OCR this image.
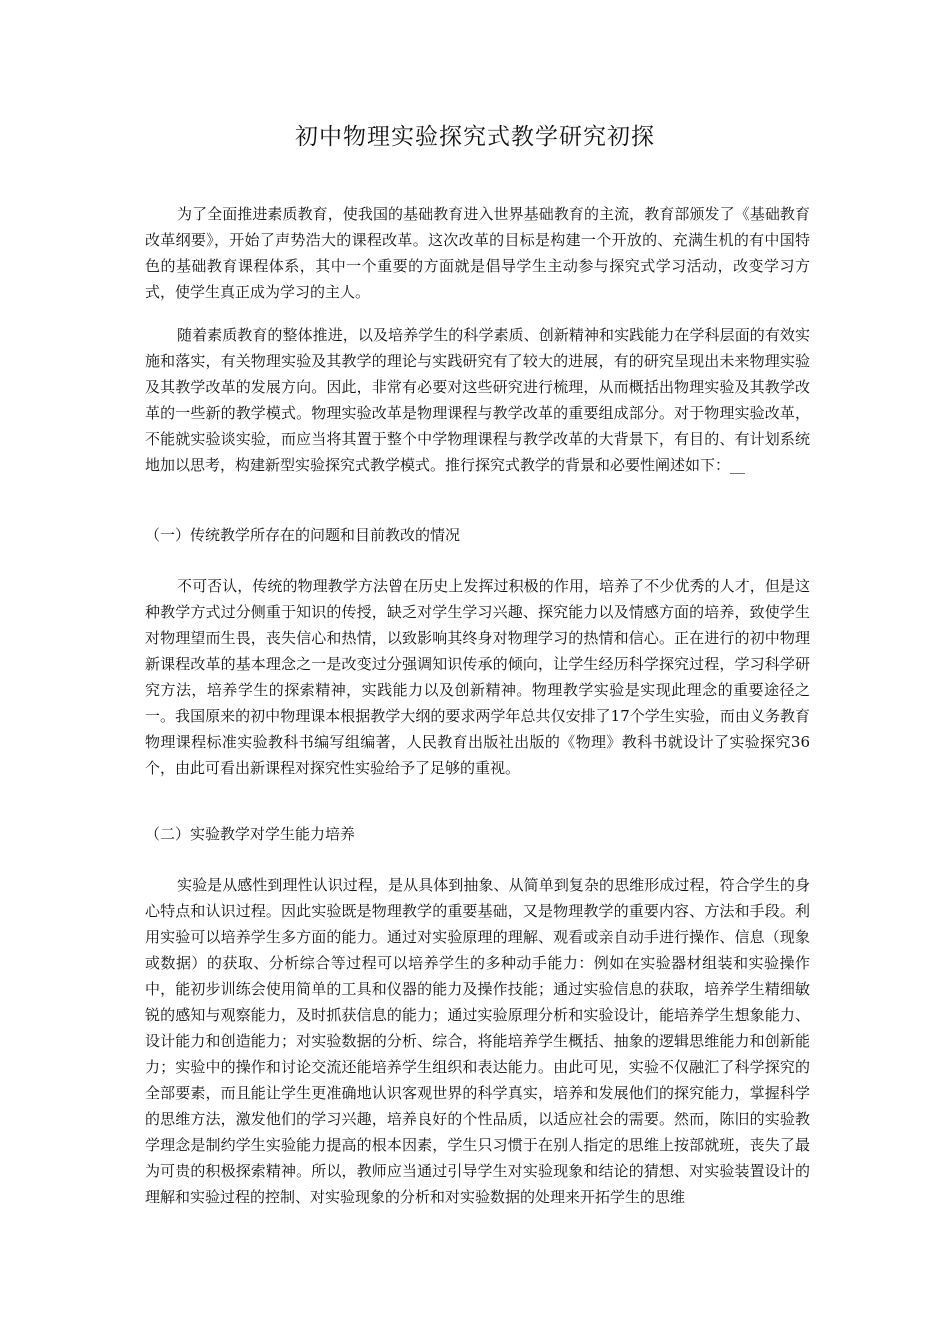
初中物理实验探究式教学研究初探

为了全面推进素质教育，使我国的基础教育进入世界基础教育的主流，教育部颁发了《基础教育改革纲要》，开始了声势浩大的课程改革。这次改革的目标是构建一个开放的、充满生机的有中国特色的基础教育课程体系，其中一个重要的方面就是倡导学生主动参与探究式学习活动，改变学习方式，使学生真正成为学习的主人。

随着素质教育的整体推进，以及培养学生的科学素质、创新精神和实践能力在学科层面的有效实施和落实，有关物理实验及其教学的理论与实践研究有了较大的进展，有的研究呈现出未来物理实验及其教学改革的发展方向。因此，非常有必要对这些研究进行梳理，从而概括出物理实验及其教学改革的一些新的教学模式。物理实验改革是物理课程与教学改革的重要组成部分。对于物理实验改革，不能就实验谈实验，而应当将其置于整个中学物理课程与教学改革的大背景下，有目的、有计划系统地加以思考，构建新型实验探究式教学模式。推行探究式教学的背景和必要性阐述如下：__

（一）传统教学所存在的问题和目前教改的情况

不可否认，传统的物理教学方法曾在历史上发挥过积极的作用，培养了不少优秀的人才，但是这种教学方式过分侧重于知识的传授，缺乏对学生学习兴趣、探究能力以及情感方面的培养，致使学生对物理望而生畏，丧失信心和热情，以致影响其终身对物理学习的热情和信心。正在进行的初中物理新课程改革的基本理念之一是改变过分强调知识传承的倾向，让学生经历科学探究过程，学习科学研究方法，培养学生的探索精神，实践能力以及创新精神。物理教学实验是实现此理念的重要途径之一。我国原来的初中物理课本根据教学大纲的要求两学年总共仅安排了17个学生实验，而由义务教育物理课程标准实验教科书编写组编著，人民教育出版社出版的《物理》教科书就设计了实验探究36个，由此可看出新课程对探究性实验给予了足够的重视。

（二）实验教学对学生能力培养

实验是从感性到理性认识过程，是从具体到抽象、从简单到复杂的思维形成过程，符合学生的身心特点和认识过程。因此实验既是物理教学的重要基础，又是物理教学的重要内容、方法和手段。利用实验可以培养学生多方面的能力。通过对实验原理的理解、观看或亲自动手进行操作、信息（现象或数据）的获取、分析综合等过程可以培养学生的多种动手能力：例如在实验器材组装和实验操作中，能初步训练会使用简单的工具和仪器的能力及操作技能；通过实验信息的获取，培养学生精细敏锐的感知与观察能力，及时抓获信息的能力；通过实验原理分析和实验设计，能培养学生想象能力、设计能力和创造能力；对实验数据的分析、综合，将能培养学生概括、抽象的逻辑思维能力和创新能力；实验中的操作和讨论交流还能培养学生组织和表达能力。由此可见，实验不仅融汇了科学探究的全部要素，而且能让学生更准确地认识客观世界的科学真实，培养和发展他们的探究能力，掌握科学的思维方法，激发他们的学习兴趣，培养良好的个性品质，以适应社会的需要。然而，陈旧的实验教学理念是制约学生实验能力提高的根本因素，学生只习惯于在别人指定的思维上按部就班，丧失了最为可贵的积极探索精神。所以，教师应当通过引导学生对实验现象和结论的猜想、对实验装置设计的理解和实验过程的控制、对实验现象的分析和对实验数据的处理来开拓学生的思维
